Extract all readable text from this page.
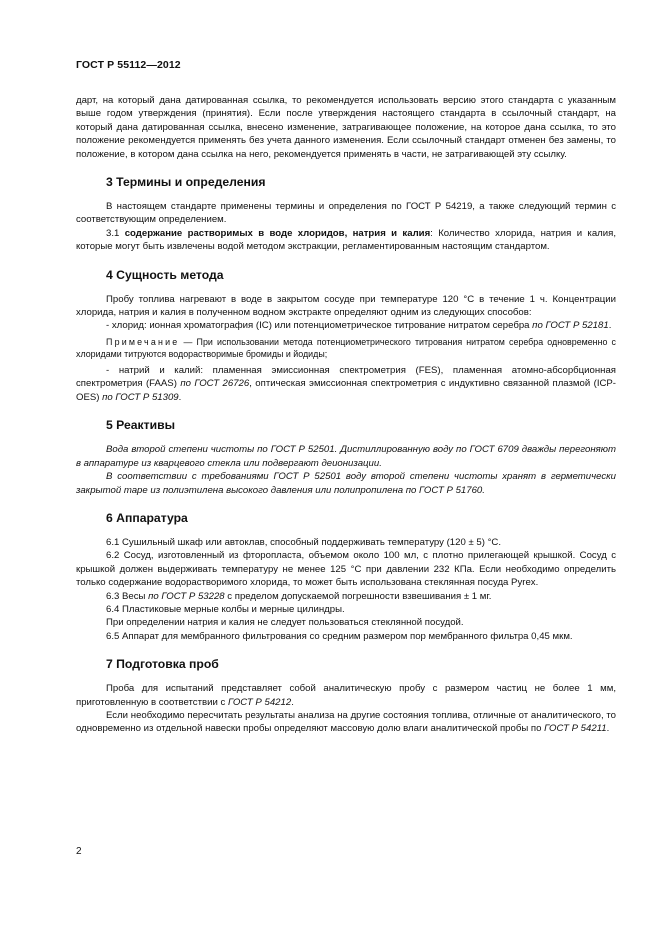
ГОСТ Р 55112—2012

дарт, на который дана датированная ссылка, то рекомендуется использовать версию этого стандарта с указанным выше годом утверждения (принятия). Если после утверждения настоящего стандарта в ссылочный стандарт, на который дана датированная ссылка, внесено изменение, затрагивающее положение, на которое дана ссылка, то это положение рекомендуется применять без учета данного изменения. Если ссылочный стандарт отменен без замены, то положение, в котором дана ссылка на него, рекомендуется применять в части, не затрагивающей эту ссылку.

3 Термины и определения

В настоящем стандарте применены термины и определения по ГОСТ Р 54219, а также следующий термин с соответствующим определением.

3.1 содержание растворимых в воде хлоридов, натрия и калия: Количество хлорида, натрия и калия, которые могут быть извлечены водой методом экстракции, регламентированным настоящим стандартом.

4 Сущность метода

Пробу топлива нагревают в воде в закрытом сосуде при температуре 120 °С в течение 1 ч. Концентрации хлорида, натрия и калия в полученном водном экстракте определяют одним из следующих способов:

- хлорид: ионная хроматография (IC) или потенциометрическое титрование нитратом серебра по ГОСТ Р 52181.

Примечание — При использовании метода потенциометрического титрования нитратом серебра одновременно с хлоридами титруются водорастворимые бромиды и йодиды;

- натрий и калий: пламенная эмиссионная спектрометрия (FES), пламенная атомно-абсорбционная спектрометрия (FAAS) по ГОСТ 26726, оптическая эмиссионная спектрометрия с индуктивно связанной плазмой (ICP-OES) по ГОСТ Р 51309.

5 Реактивы

Вода второй степени чистоты по ГОСТ Р 52501. Дистиллированную воду по ГОСТ 6709 дважды перегоняют в аппаратуре из кварцевого стекла или подвергают деионизации.

В соответствии с требованиями ГОСТ Р 52501 воду второй степени чистоты хранят в герметически закрытой таре из полиэтилена высокого давления или полипропилена по ГОСТ Р 51760.

6 Аппаратура

6.1 Сушильный шкаф или автоклав, способный поддерживать температуру (120 ± 5) °С.

6.2 Сосуд, изготовленный из фторопласта, объемом около 100 мл, с плотно прилегающей крышкой. Сосуд с крышкой должен выдерживать температуру не менее 125 °С при давлении 232 КПа. Если необходимо определить только содержание водорастворимого хлорида, то может быть использована стеклянная посуда Pyrex.

6.3 Весы по ГОСТ Р 53228 с пределом допускаемой погрешности взвешивания ± 1 мг.

6.4 Пластиковые мерные колбы и мерные цилиндры.

При определении натрия и калия не следует пользоваться стеклянной посудой.

6.5 Аппарат для мембранного фильтрования со средним размером пор мембранного фильтра 0,45 мкм.

7 Подготовка проб

Проба для испытаний представляет собой аналитическую пробу с размером частиц не более 1 мм, приготовленную в соответствии с ГОСТ Р 54212.

Если необходимо пересчитать результаты анализа на другие состояния топлива, отличные от аналитического, то одновременно из отдельной навески пробы определяют массовую долю влаги аналитической пробы по ГОСТ Р 54211.

2
